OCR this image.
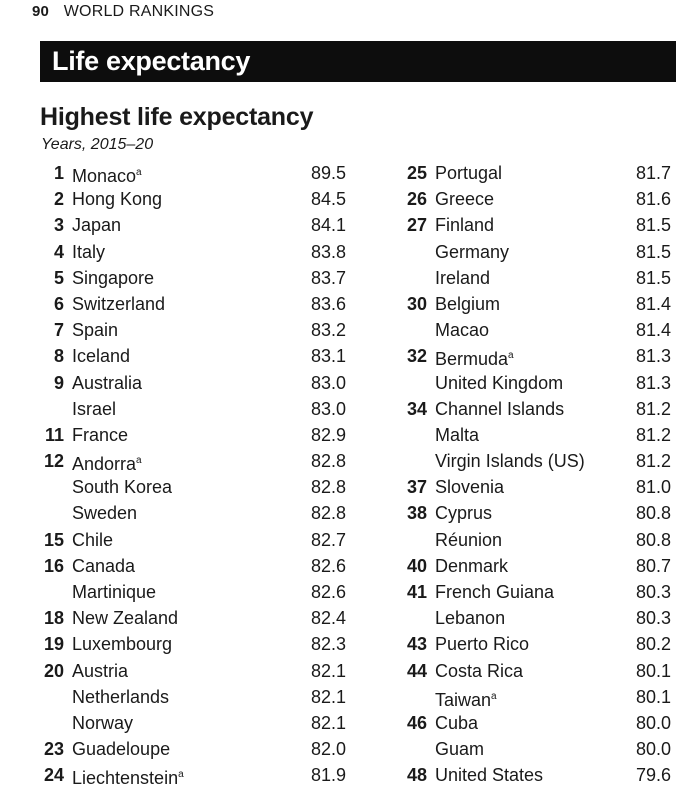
90 WORLD RANKINGS
Life expectancy
Highest life expectancy
Years, 2015–20
1 Monaco$^a$	89.5
2 Hong Kong	84.5
3 Japan	84.1
4 Italy	83.8
5 Singapore	83.7
6 Switzerland	83.6
7 Spain	83.2
8 Iceland	83.1
9 Australia	83.0
Israel	83.0
11 France	82.9
12 Andorra$^a$	82.8
South Korea	82.8
Sweden	82.8
15 Chile	82.7
16 Canada	82.6
Martinique	82.6
18 New Zealand	82.4
19 Luxembourg	82.3
20 Austria	82.1
Netherlands	82.1
Norway	82.1
23 Guadeloupe	82.0
24 Liechtenstein$^a$	81.9
25 Portugal	81.7
26 Greece	81.6
27 Finland	81.5
Germany	81.5
Ireland	81.5
30 Belgium	81.4
Macao	81.4
32 Bermuda$^a$	81.3
United Kingdom	81.3
34 Channel Islands	81.2
Malta	81.2
Virgin Islands (US)	81.2
37 Slovenia	81.0
38 Cyprus	80.8
Réunion	80.8
40 Denmark	80.7
41 French Guiana	80.3
Lebanon	80.3
43 Puerto Rico	80.2
44 Costa Rica	80.1
Taiwan$^a$	80.1
46 Cuba	80.0
Guam	80.0
48 United States	79.6
